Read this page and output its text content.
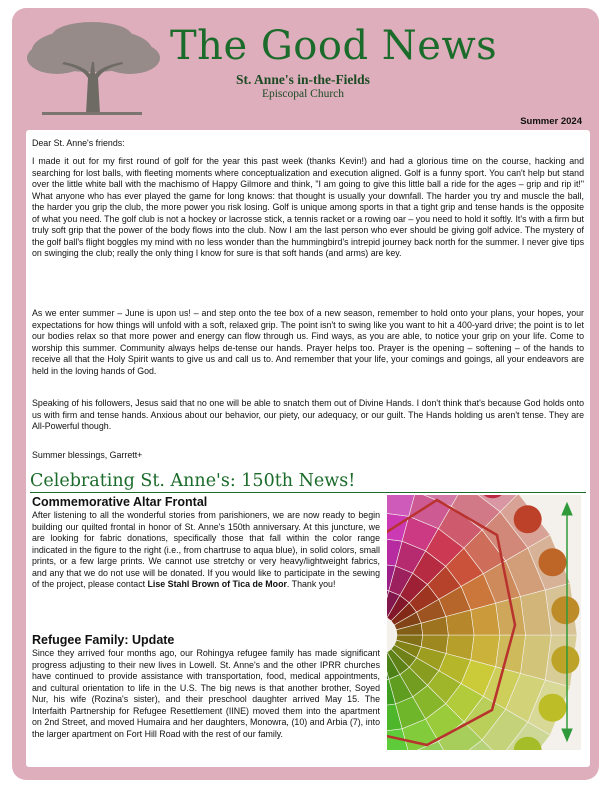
The Good News
St. Anne's in-the-Fields
Episcopal Church
Summer 2024

Dear St. Anne's friends:

I made it out for my first round of golf for the year this past week (thanks Kevin!) and had a glorious time on the course, hacking and searching for lost balls, with fleeting moments where conceptualization and execution aligned. Golf is a funny sport. You can't help but stand over the little white ball with the machismo of Happy Gilmore and think, "I am going to give this little ball a ride for the ages – grip and rip it!" What anyone who has ever played the game for long knows: that thought is usually your downfall. The harder you try and muscle the ball, the harder you grip the club, the more power you risk losing. Golf is unique among sports in that a tight grip and tense hands is the opposite of what you need. The golf club is not a hockey or lacrosse stick, a tennis racket or a rowing oar – you need to hold it softly. It's with a firm but truly soft grip that the power of the body flows into the club. Now I am the last person who ever should be giving golf advice. The mystery of the golf ball's flight boggles my mind with no less wonder than the hummingbird's intrepid journey back north for the summer. I never give tips on swinging the club; really the only thing I know for sure is that soft hands (and arms) are key.

As we enter summer – June is upon us! – and step onto the tee box of a new season, remember to hold onto your plans, your hopes, your expectations for how things will unfold with a soft, relaxed grip. The point isn't to swing like you want to hit a 400-yard drive; the point is to let our bodies relax so that more power and energy can flow through us. Find ways, as you are able, to notice your grip on your life. Come to worship this summer. Community always helps de-tense our hands. Prayer helps too. Prayer is the opening – softening – of the hands to receive all that the Holy Spirit wants to give us and call us to. And remember that your life, your comings and goings, all your endeavors are held in the loving hands of God.

Speaking of his followers, Jesus said that no one will be able to snatch them out of Divine Hands. I don't think that's because God holds onto us with firm and tense hands. Anxious about our behavior, our piety, our adequacy, or our guilt. The Hands holding us aren't tense. They are All-Powerful though.

Summer blessings, Garrett+

Celebrating St. Anne's: 150th News!
Commemorative Altar Frontal

After listening to all the wonderful stories from parishioners, we are now ready to begin building our quilted frontal in honor of St. Anne's 150th anniversary. At this juncture, we are looking for fabric donations, specifically those that fall within the color range indicated in the figure to the right (i.e., from chartruse to aqua blue), in solid colors, small prints, or a few large prints. We cannot use stretchy or very heavy/lightweight fabrics, and any that we do not use will be donated. If you would like to participate in the sewing of the project, please contact Lise Stahl Brown of Tica de Moor. Thank you!

Refugee Family: Update

Since they arrived four months ago, our Rohingya refugee family has made significant progress adjusting to their new lives in Lowell. St. Anne's and the other IPRR churches have continued to provide assistance with transportation, food, medical appointments, and cultural orientation to life in the U.S. The big news is that another brother, Soyed Nur, his wife (Rozina's sister), and their preschool daughter arrived May 15. The Interfaith Partnership for Refugee Resettlement (IINE) moved them into the apartment on 2nd Street, and moved Humaira and her daughters, Monowra, (10) and Arbia (7), into the larger apartment on Fort Hill Road with the rest of our family.
